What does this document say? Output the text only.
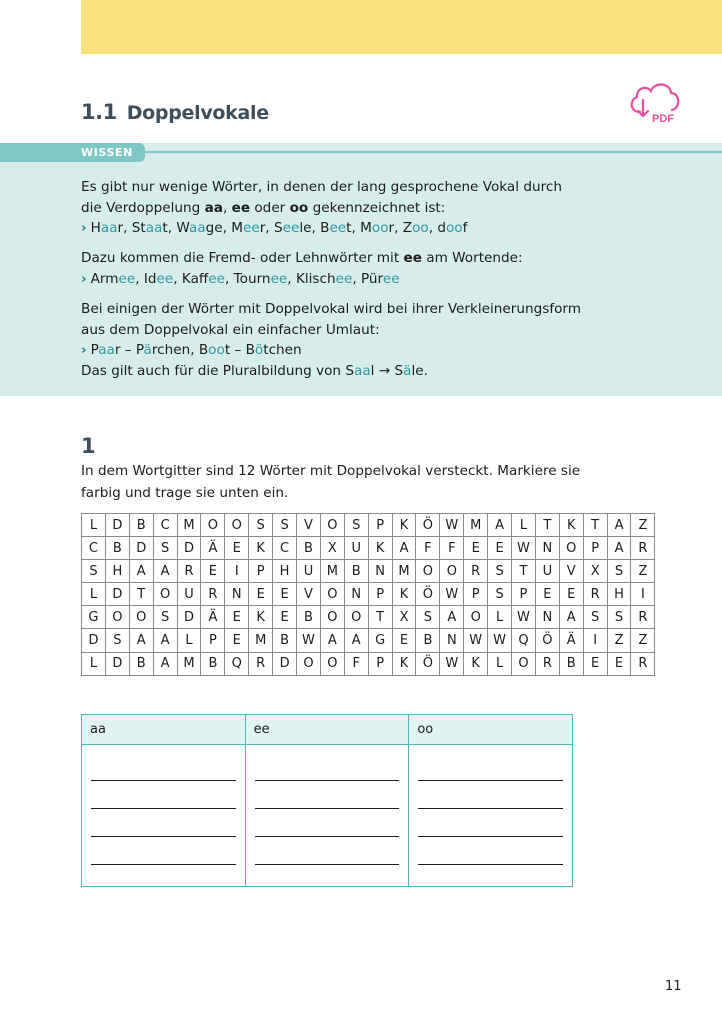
1.1 Doppelvokale	PDF
WISSEN
Es gibt nur wenige Wörter, in denen der lang gesprochene Vokal durch
die Verdoppelung aa, ee oder oo gekennzeichnet ist:
› Haar, Staat, Waage, Meer, Seele, Beet, Moor, Zoo, doof
Dazu kommen die Fremd- oder Lehnwörter mit ee am Wortende:
› Armee, Idee, Kaffee, Tournee, Klischee, Püree
Bei einigen der Wörter mit Doppelvokal wird bei ihrer Verkleinerungsform
aus dem Doppelvokal ein einfacher Umlaut:
› Paar – Pärchen, Boot – Bötchen
Das gilt auch für die Pluralbildung von Saal → Säle.
1
In dem Wortgitter sind 12 Wörter mit Doppelvokal versteckt. Markiere sie
farbig und trage sie unten ein.
L	D	B	C	M	O	O	S	S	V	O	S	P	K	Ö	W	M	A	L	T	K	T	A	Z
C	B	D	S	D	Ä	E	K	C	B	X	U	K	A	F	F	E	E	W	N	O	P	A	R
S	H	A	A	R	E	I	P	H	U	M	B	N	M	O	O	R	S	T	U	V	X	S	Z
L	D	T	O	U	R	N	E	E	V	O	N	P	K	Ö	W	P	S	P	E	E	R	H	I
G	O	O	S	D	Ä	E	K	E	B	O	O	T	X	S	A	O	L	W	N	A	S	S	R
D	S	A	A	L	P	E	M	B	W	A	A	G	E	B	N	W	W	Q	Ö	Ä	I	Z	Z
L	D	B	A	M	B	Q	R	D	O	O	F	P	K	Ö	W	K	L	O	R	B	E	E	R
aa	ee	oo
11
